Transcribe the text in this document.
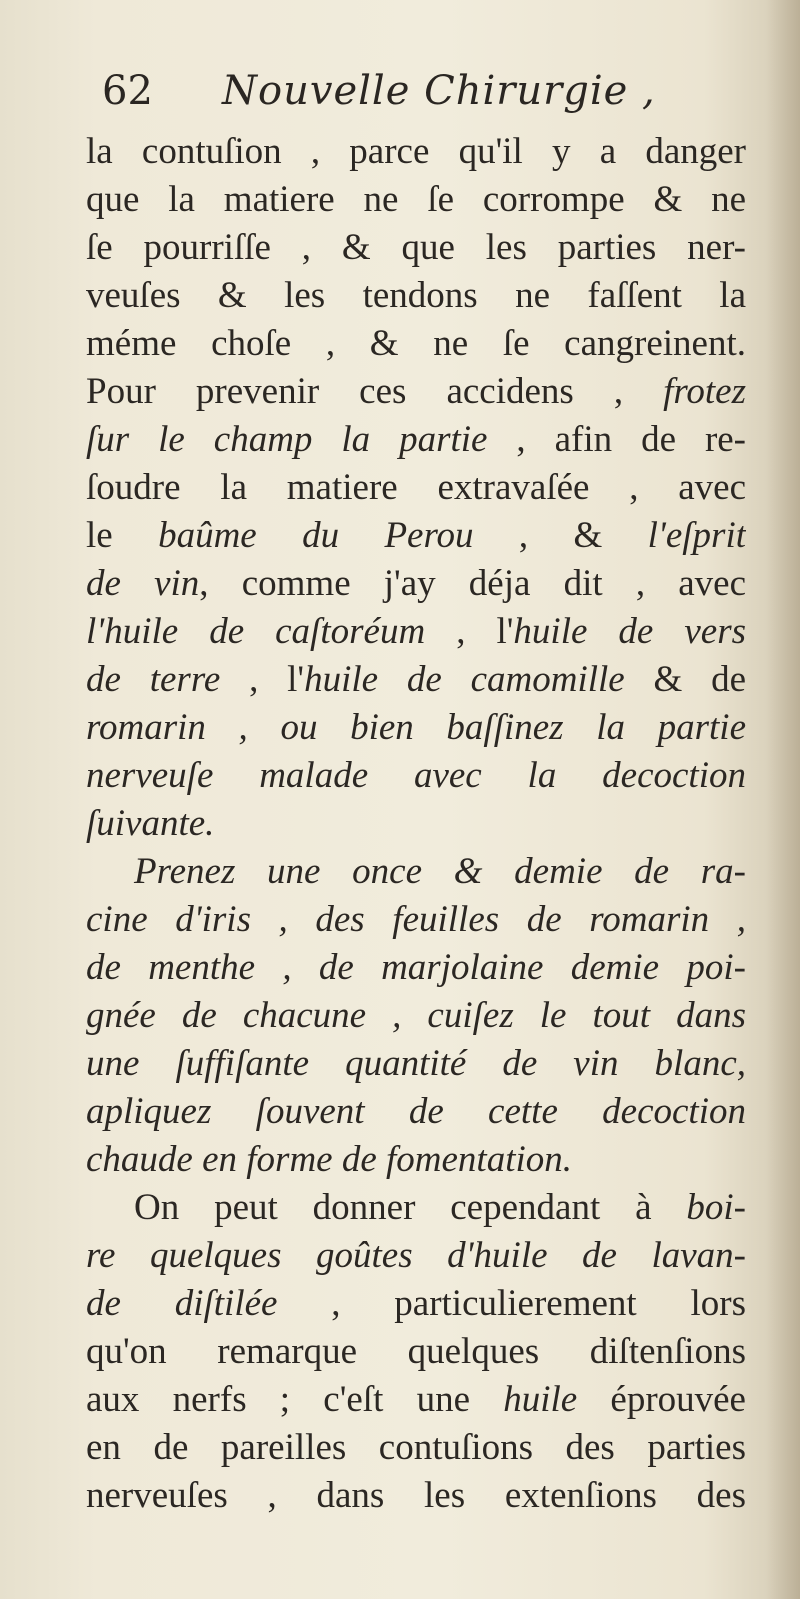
62 Nouvelle Chirurgie ,
la contuſion , parce qu'il y a danger
que la matiere ne ſe corrompe & ne
ſe pourriſſe , & que les parties ner-
veuſes & les tendons ne faſſent la
méme choſe , & ne ſe cangreinent.
Pour prevenir ces accidens , frotez
ſur le champ la partie , afin de re-
ſoudre la matiere extravaſée , avec
le baûme du Perou , & l'eſprit
de vin, comme j'ay déja dit , avec
l'huile de caſtoréum , l'huile de vers
de terre , l'huile de camomille & de
romarin , ou bien baſſinez la partie
nerveuſe malade avec la decoction
ſuivante.
Prenez une once & demie de ra-
cine d'iris , des feuilles de romarin ,
de menthe , de marjolaine demie poi-
gnée de chacune , cuiſez le tout dans
une ſuffiſante quantité de vin blanc,
apliquez ſouvent de cette decoction
chaude en forme de fomentation.
On peut donner cependant à boi-
re quelques goûtes d'huile de lavan-
de diſtilée , particulierement lors
qu'on remarque quelques diſtenſions
aux nerfs ; c'eſt une huile éprouvée
en de pareilles contuſions des parties
nerveuſes , dans les extenſions des
